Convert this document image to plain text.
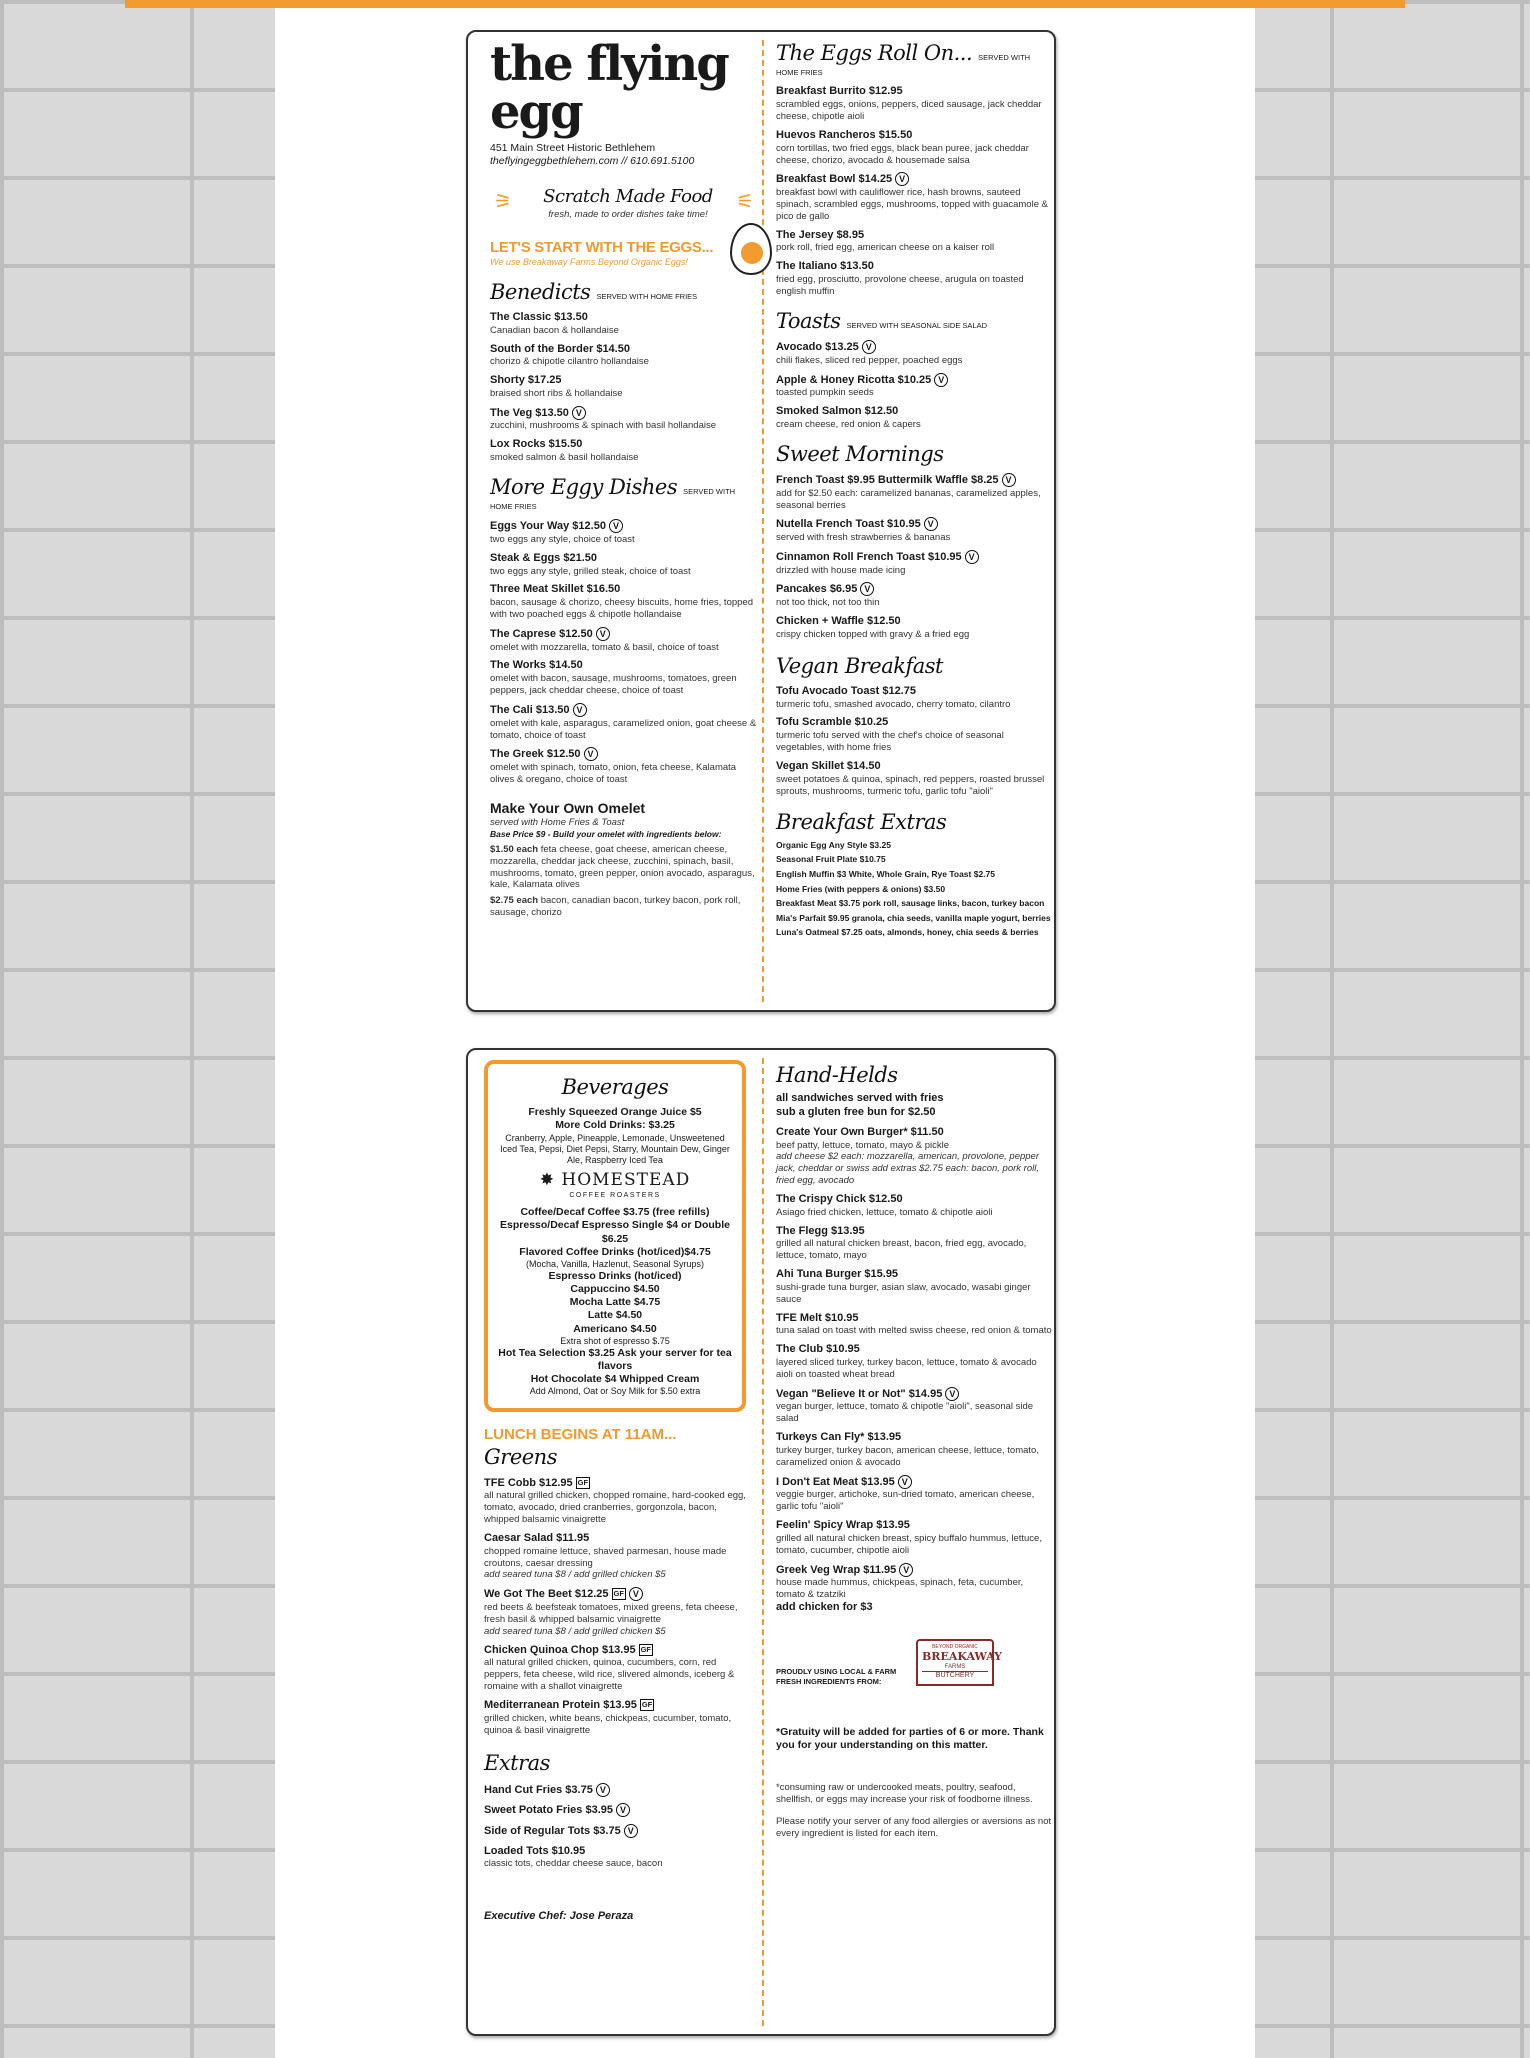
the flying egg
451 Main Street Historic Bethlehem
theflyingeggbethlehem.com // 610.691.5100
⚞	Scratch Made Food
fresh, made to order dishes take time!
⚟
LET'S START WITH THE EGGS...
We use Breakaway Farms Beyond Organic Eggs!
Benedicts SERVED WITH HOME FRIES
The Classic $13.50
Canadian bacon & hollandaise
South of the Border $14.50
chorizo & chipotle cilantro hollandaise
Shorty $17.25
braised short ribs & hollandaise
The Veg $13.50 V
zucchini, mushrooms & spinach with basil hollandaise
Lox Rocks $15.50
smoked salmon & basil hollandaise
More Eggy Dishes SERVED WITH HOME FRIES
Eggs Your Way $12.50 V
two eggs any style, choice of toast
Steak & Eggs $21.50
two eggs any style, grilled steak, choice of toast
Three Meat Skillet $16.50
bacon, sausage & chorizo, cheesy biscuits, home fries, topped with two poached eggs & chipotle hollandaise
The Caprese $12.50 V
omelet with mozzarella, tomato & basil, choice of toast
The Works $14.50
omelet with bacon, sausage, mushrooms, tomatoes, green peppers, jack cheddar cheese, choice of toast
The Cali $13.50 V
omelet with kale, asparagus, caramelized onion, goat cheese & tomato, choice of toast
The Greek $12.50 V
omelet with spinach, tomato, onion, feta cheese, Kalamata olives & oregano, choice of toast
Make Your Own Omelet
served with Home Fries & Toast
Base Price $9 - Build your omelet with ingredients below:
$1.50 each feta cheese, goat cheese, american cheese, mozzarella, cheddar jack cheese, zucchini, spinach, basil, mushrooms, tomato, green pepper, onion avocado, asparagus, kale, Kalamata olives
$2.75 each bacon, canadian bacon, turkey bacon, pork roll, sausage, chorizo
The Eggs Roll On... SERVED WITH HOME FRIES
Breakfast Burrito $12.95
scrambled eggs, onions, peppers, diced sausage, jack cheddar cheese, chipotle aioli
Huevos Rancheros $15.50
corn tortillas, two fried eggs, black bean puree, jack cheddar cheese, chorizo, avocado & housemade salsa
Breakfast Bowl $14.25 V
breakfast bowl with cauliflower rice, hash browns, sauteed spinach, scrambled eggs, mushrooms, topped with guacamole & pico de gallo
The Jersey $8.95
pork roll, fried egg, american cheese on a kaiser roll
The Italiano $13.50
fried egg, prosciutto, provolone cheese, arugula on toasted english muffin
Toasts SERVED WITH SEASONAL SIDE SALAD
Avocado $13.25 V
chili flakes, sliced red pepper, poached eggs
Apple & Honey Ricotta $10.25 V
toasted pumpkin seeds
Smoked Salmon $12.50
cream cheese, red onion & capers
Sweet Mornings
French Toast $9.95 Buttermilk Waffle $8.25 V
add for $2.50 each: caramelized bananas, caramelized apples, seasonal berries
Nutella French Toast $10.95 V
served with fresh strawberries & bananas
Cinnamon Roll French Toast $10.95 V
drizzled with house made icing
Pancakes $6.95 V
not too thick, not too thin
Chicken + Waffle $12.50
crispy chicken topped with gravy & a fried egg
Vegan Breakfast
Tofu Avocado Toast $12.75
turmeric tofu, smashed avocado, cherry tomato, cilantro
Tofu Scramble $10.25
turmeric tofu served with the chef's choice of seasonal vegetables, with home fries
Vegan Skillet $14.50
sweet potatoes & quinoa, spinach, red peppers, roasted brussel sprouts, mushrooms, turmeric tofu, garlic tofu "aioli"
Breakfast Extras
Organic Egg Any Style $3.25
Seasonal Fruit Plate $10.75
English Muffin $3 White, Whole Grain, Rye Toast $2.75
Home Fries (with peppers & onions) $3.50
Breakfast Meat $3.75 pork roll, sausage links, bacon, turkey bacon
Mia's Parfait $9.95 granola, chia seeds, vanilla maple yogurt, berries
Luna's Oatmeal $7.25 oats, almonds, honey, chia seeds & berries
Beverages
Freshly Squeezed Orange Juice $5
More Cold Drinks: $3.25
Cranberry, Apple, Pineapple, Lemonade, Unsweetened Iced Tea, Pepsi, Diet Pepsi, Starry, Mountain Dew, Ginger Ale, Raspberry Iced Tea
✸ HOMESTEAD
COFFEE ROASTERS
Coffee/Decaf Coffee $3.75 (free refills)
Espresso/Decaf Espresso Single $4 or Double $6.25
Flavored Coffee Drinks (hot/iced)$4.75
(Mocha, Vanilla, Hazlenut, Seasonal Syrups)
Espresso Drinks (hot/iced)
Cappuccino $4.50
Mocha Latte $4.75
Latte $4.50
Americano $4.50
Extra shot of espresso $.75
Hot Tea Selection $3.25 Ask your server for tea flavors
Hot Chocolate $4 Whipped Cream
Add Almond, Oat or Soy Milk for $.50 extra
LUNCH BEGINS AT 11AM...
Greens
TFE Cobb $12.95 GF
all natural grilled chicken, chopped romaine, hard-cooked egg, tomato, avocado, dried cranberries, gorgonzola, bacon, whipped balsamic vinaigrette
Caesar Salad $11.95
chopped romaine lettuce, shaved parmesan, house made croutons, caesar dressing
add seared tuna $8 / add grilled chicken $5
We Got The Beet $12.25 GF V
red beets & beefsteak tomatoes, mixed greens, feta cheese, fresh basil & whipped balsamic vinaigrette
add seared tuna $8 / add grilled chicken $5
Chicken Quinoa Chop $13.95 GF
all natural grilled chicken, quinoa, cucumbers, corn, red peppers, feta cheese, wild rice, slivered almonds, iceberg & romaine with a shallot vinaigrette
Mediterranean Protein $13.95 GF
grilled chicken, white beans, chickpeas, cucumber, tomato, quinoa & basil vinaigrette
Extras
Hand Cut Fries $3.75 V
Sweet Potato Fries $3.95 V
Side of Regular Tots $3.75 V
Loaded Tots $10.95
classic tots, cheddar cheese sauce, bacon
Executive Chef: Jose Peraza
Hand-Helds
all sandwiches served with fries
sub a gluten free bun for $2.50
Create Your Own Burger* $11.50
beef patty, lettuce, tomato, mayo & pickle
add cheese $2 each: mozzarella, american, provolone, pepper jack, cheddar or swiss add extras $2.75 each: bacon, pork roll, fried egg, avocado
The Crispy Chick $12.50
Asiago fried chicken, lettuce, tomato & chipotle aioli
The Flegg $13.95
grilled all natural chicken breast, bacon, fried egg, avocado, lettuce, tomato, mayo
Ahi Tuna Burger $15.95
sushi-grade tuna burger, asian slaw, avocado, wasabi ginger sauce
TFE Melt $10.95
tuna salad on toast with melted swiss cheese, red onion & tomato
The Club $10.95
layered sliced turkey, turkey bacon, lettuce, tomato & avocado aioli on toasted wheat bread
Vegan "Believe It or Not" $14.95 V
vegan burger, lettuce, tomato & chipotle "aioli", seasonal side salad
Turkeys Can Fly* $13.95
turkey burger, turkey bacon, american cheese, lettuce, tomato, caramelized onion & avocado
I Don't Eat Meat $13.95 V
veggie burger, artichoke, sun-dried tomato, american cheese, garlic tofu "aioli"
Feelin' Spicy Wrap $13.95
grilled all natural chicken breast, spicy buffalo hummus, lettuce, tomato, cucumber, chipotle aioli
Greek Veg Wrap $11.95 V
house made hummus, chickpeas, spinach, feta, cucumber, tomato & tzatziki
add chicken for $3
PROUDLY USING LOCAL & FARM FRESH INGREDIENTS FROM:
BEYOND ORGANIC
BREAKAWAY
FARMS
BUTCHERY
*Gratuity will be added for parties of 6 or more. Thank you for your understanding on this matter.
*consuming raw or undercooked meats, poultry, seafood, shellfish, or eggs may increase your risk of foodborne illness.
Please notify your server of any food allergies or aversions as not every ingredient is listed for each item.
